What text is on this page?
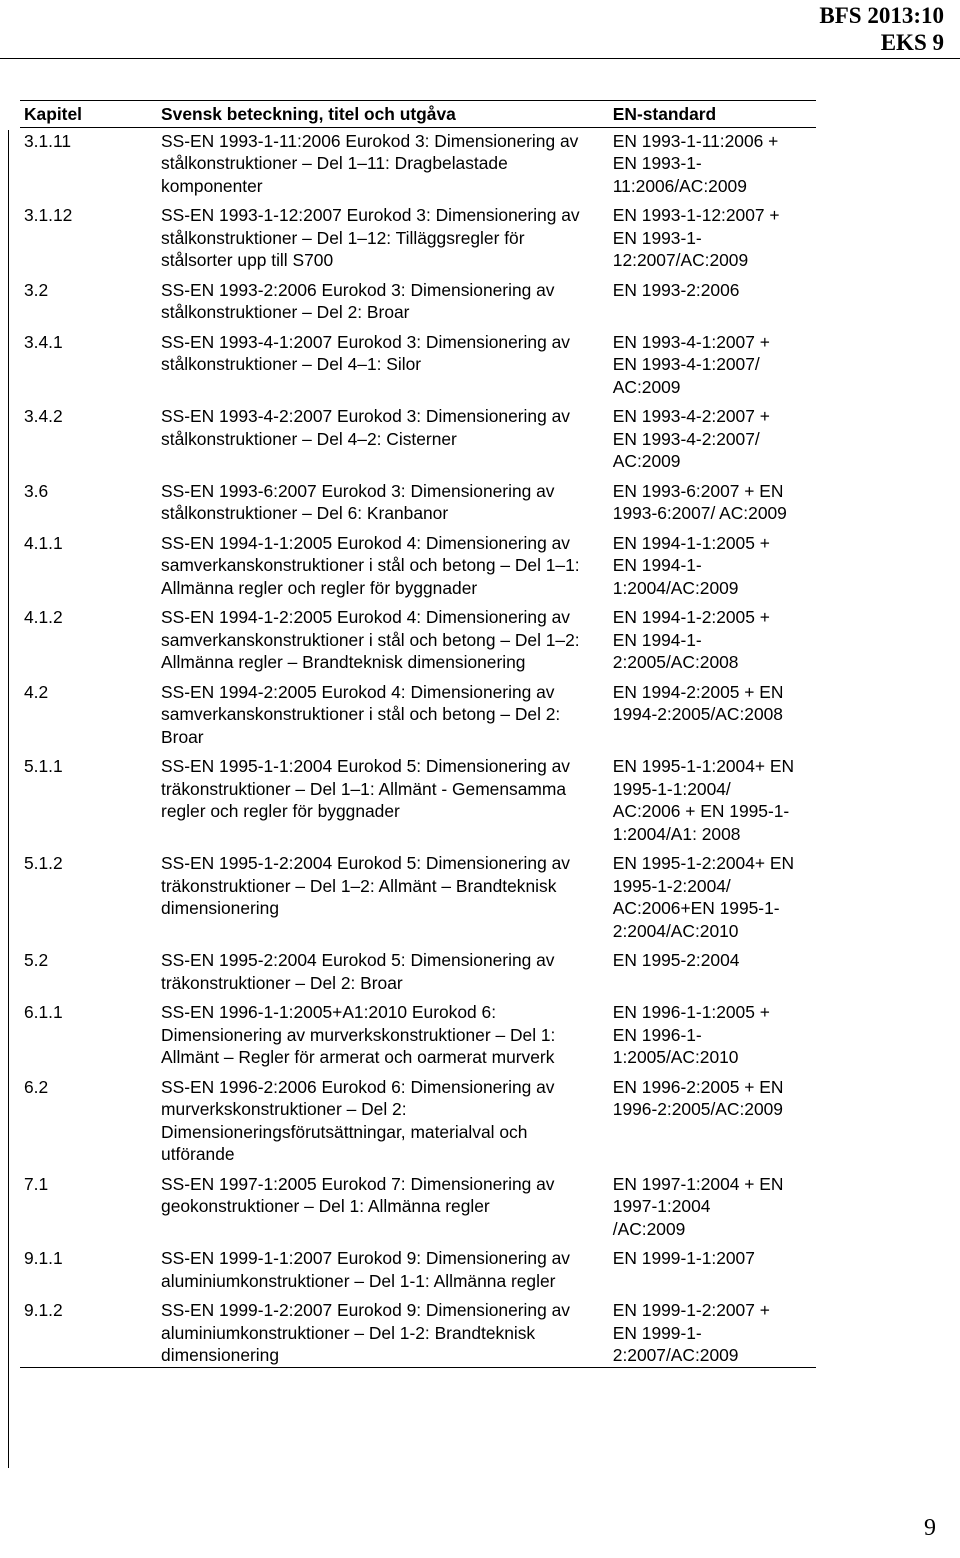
BFS 2013:10
EKS 9
Kapitel	Svensk beteckning, titel och utgåva	EN-standard
3.1.11	SS-EN 1993-1-11:2006 Eurokod 3: Dimensionering av stålkonstruktioner – Del 1–11: Dragbelastade komponenter	EN 1993-1-11:2006 +
EN 1993-1-
11:2006/AC:2009
3.1.12	SS-EN 1993-1-12:2007 Eurokod 3: Dimensionering av stålkonstruktioner – Del 1–12: Tilläggsregler för stålsorter upp till S700	EN 1993-1-12:2007 +
EN 1993-1-
12:2007/AC:2009
3.2	SS-EN 1993-2:2006 Eurokod 3: Dimensionering av stålkonstruktioner – Del 2: Broar	EN 1993-2:2006
3.4.1	SS-EN 1993-4-1:2007 Eurokod 3: Dimensionering av stålkonstruktioner – Del 4–1: Silor	EN 1993-4-1:2007 +
EN 1993-4-1:2007/
AC:2009
3.4.2	SS-EN 1993-4-2:2007 Eurokod 3: Dimensionering av stålkonstruktioner – Del 4–2: Cisterner	EN 1993-4-2:2007 +
EN 1993-4-2:2007/
AC:2009
3.6	SS-EN 1993-6:2007 Eurokod 3: Dimensionering av stålkonstruktioner – Del 6: Kranbanor	EN 1993-6:2007 + EN
1993-6:2007/ AC:2009
4.1.1	SS-EN 1994-1-1:2005 Eurokod 4: Dimensionering av samverkanskonstruktioner i stål och betong – Del 1–1: Allmänna regler och regler för byggnader	EN 1994-1-1:2005 +
EN 1994-1-
1:2004/AC:2009
4.1.2	SS-EN 1994-1-2:2005 Eurokod 4: Dimensionering av samverkanskonstruktioner i stål och betong – Del 1–2: Allmänna regler – Brandteknisk dimensionering	EN 1994-1-2:2005 +
EN 1994-1-
2:2005/AC:2008
4.2	SS-EN 1994-2:2005 Eurokod 4: Dimensionering av samverkanskonstruktioner i stål och betong – Del 2: Broar	EN 1994-2:2005 + EN
1994-2:2005/AC:2008
5.1.1	SS-EN 1995-1-1:2004 Eurokod 5: Dimensionering av träkonstruktioner – Del 1–1: Allmänt - Gemensamma regler och regler för byggnader	EN 1995-1-1:2004+ EN
1995-1-1:2004/
AC:2006 + EN 1995-1-
1:2004/A1: 2008
5.1.2	SS-EN 1995-1-2:2004 Eurokod 5: Dimensionering av träkonstruktioner – Del 1–2: Allmänt – Brandteknisk dimensionering	EN 1995-1-2:2004+ EN
1995-1-2:2004/
AC:2006+EN 1995-1-
2:2004/AC:2010
5.2	SS-EN 1995-2:2004 Eurokod 5: Dimensionering av träkonstruktioner – Del 2: Broar	EN 1995-2:2004
6.1.1	SS-EN 1996-1-1:2005+A1:2010 Eurokod 6: Dimensionering av murverkskonstruktioner – Del 1: Allmänt – Regler för armerat och oarmerat murverk	EN 1996-1-1:2005 +
EN 1996-1-
1:2005/AC:2010
6.2	SS-EN 1996-2:2006 Eurokod 6: Dimensionering av murverkskonstruktioner – Del 2: Dimensioneringsförutsättningar, materialval och utförande	EN 1996-2:2005 + EN
1996-2:2005/AC:2009
7.1	SS-EN 1997-1:2005 Eurokod 7: Dimensionering av geokonstruktioner – Del 1: Allmänna regler	EN 1997-1:2004 + EN
1997-1:2004
/AC:2009
9.1.1	SS-EN 1999-1-1:2007 Eurokod 9: Dimensionering av aluminiumkonstruktioner – Del 1-1: Allmänna regler	EN 1999-1-1:2007
9.1.2	SS-EN 1999-1-2:2007 Eurokod 9: Dimensionering av aluminiumkonstruktioner – Del 1-2: Brandteknisk dimensionering	EN 1999-1-2:2007 +
EN 1999-1-
2:2007/AC:2009
9
